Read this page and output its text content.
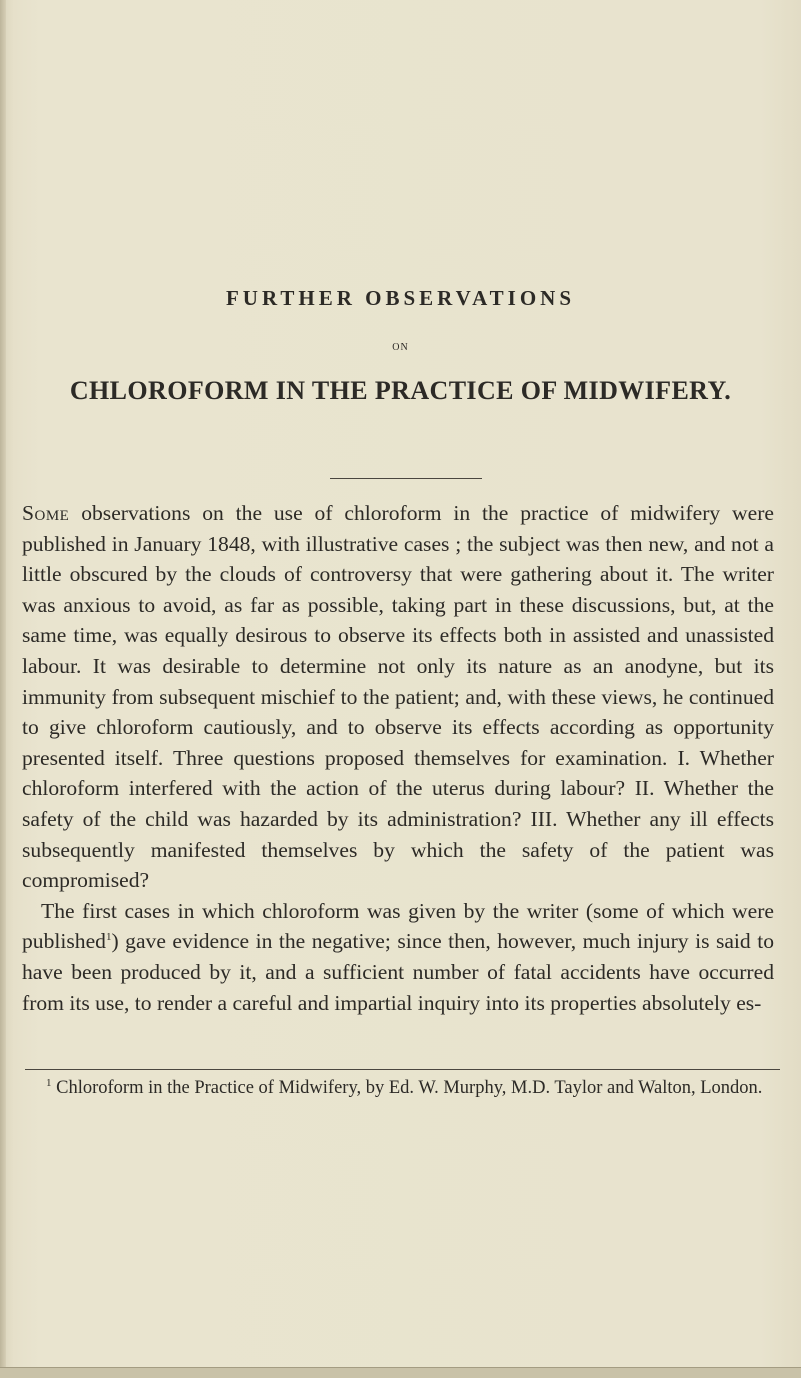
FURTHER OBSERVATIONS
ON
CHLOROFORM IN THE PRACTICE OF MIDWIFERY.

Some observations on the use of chloroform in the practice of midwifery were published in January 1848, with illustrative cases ; the subject was then new, and not a little obscured by the clouds of controversy that were gathering about it. The writer was anxious to avoid, as far as possible, taking part in these discussions, but, at the same time, was equally desirous to observe its effects both in assisted and unassisted labour. It was desirable to determine not only its nature as an anodyne, but its immunity from subsequent mischief to the patient; and, with these views, he continued to give chloroform cautiously, and to observe its effects according as opportunity presented itself. Three questions proposed themselves for examination. I. Whether chloroform interfered with the action of the uterus during labour? II. Whether the safety of the child was hazarded by its administration? III. Whether any ill effects subsequently manifested themselves by which the safety of the patient was compromised?

The first cases in which chloroform was given by the writer (some of which were published$^1$) gave evidence in the negative; since then, however, much injury is said to have been produced by it, and a sufficient number of fatal accidents have occurred from its use, to render a careful and impartial inquiry into its properties absolutely es-

$^1$ Chloroform in the Practice of Midwifery, by Ed. W. Murphy, M.D. Taylor and Walton, London.
